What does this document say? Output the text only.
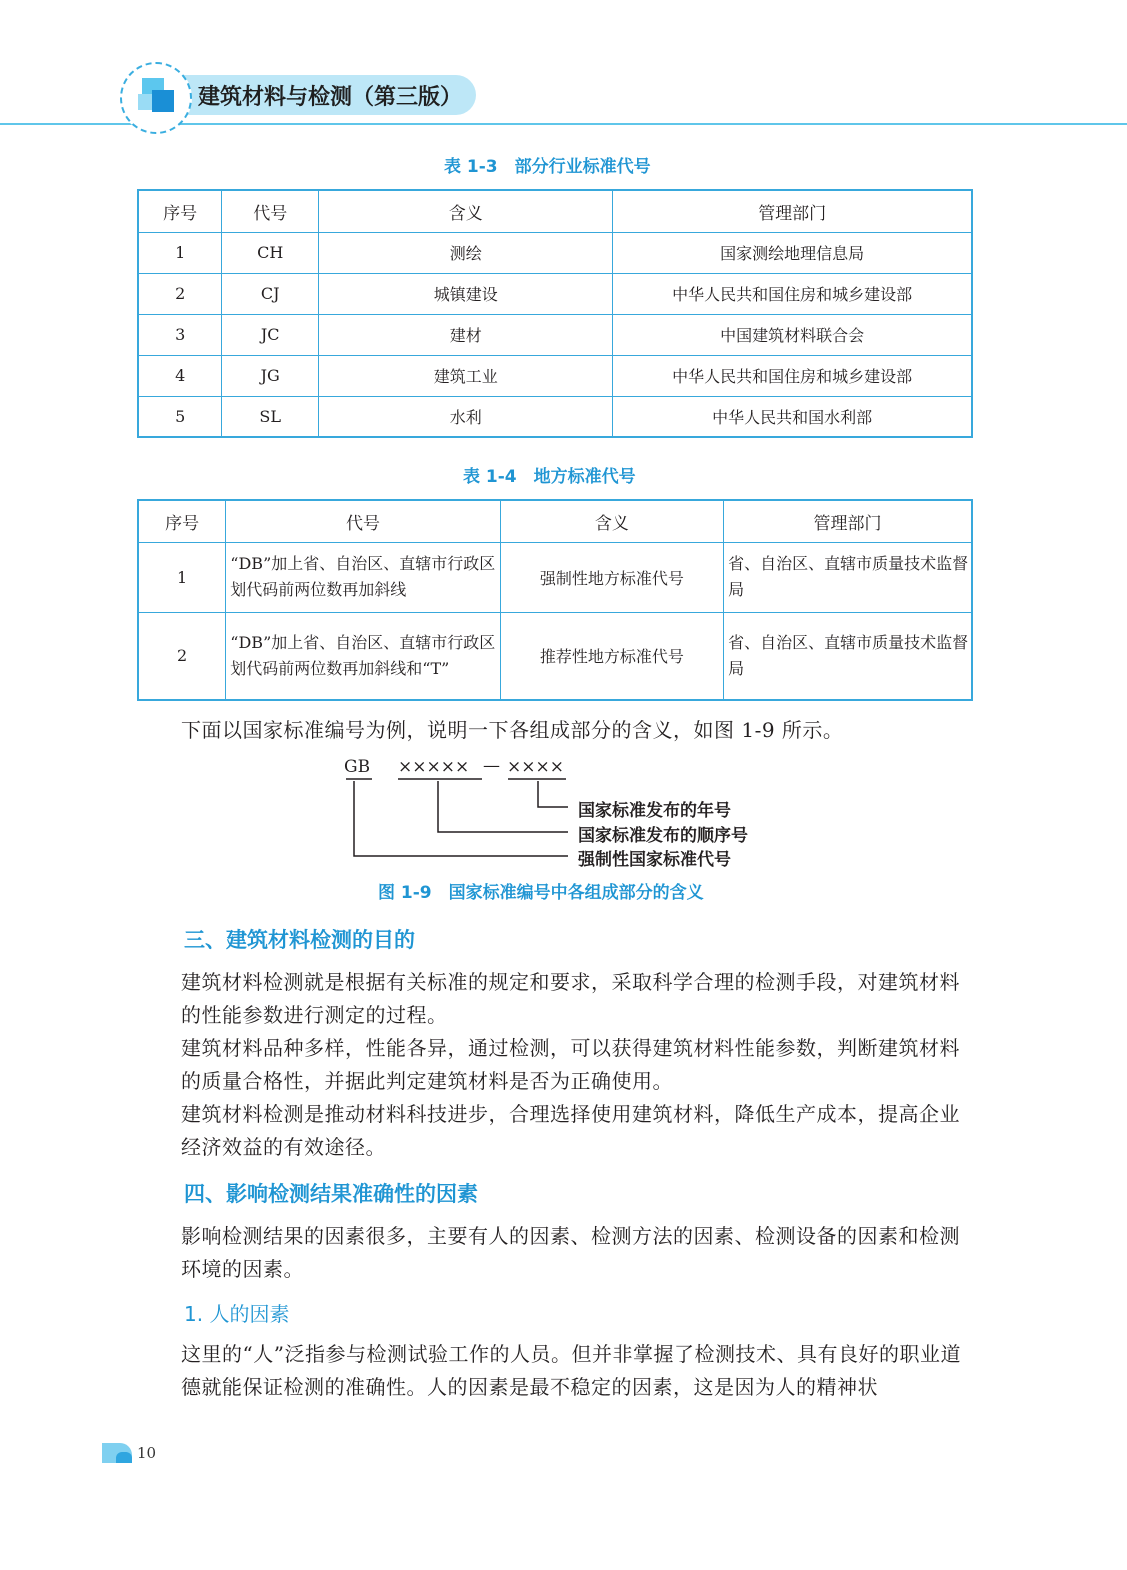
建筑材料与检测（第三版）
表 1-3　部分行业标准代号
序号	代号	含义	管理部门
1	CH	测绘	国家测绘地理信息局
2	CJ	城镇建设	中华人民共和国住房和城乡建设部
3	JC	建材	中国建筑材料联合会
4	JG	建筑工业	中华人民共和国住房和城乡建设部
5	SL	水利	中华人民共和国水利部
表 1-4　地方标准代号
序号	代号	含义	管理部门
1	“DB”加上省、自治区、直辖市行政区划代码前两位数再加斜线	强制性地方标准代号	省、自治区、直辖市质量技术监督局
2	“DB”加上省、自治区、直辖市行政区划代码前两位数再加斜线和“T”	推荐性地方标准代号	省、自治区、直辖市质量技术监督局
下面以国家标准编号为例，说明一下各组成部分的含义，如图 1-9 所示。
GB ××××× — ××××
国家标准发布的年号
国家标准发布的顺序号
强制性国家标准代号
图 1-9　国家标准编号中各组成部分的含义
三、建筑材料检测的目的
建筑材料检测就是根据有关标准的规定和要求，采取科学合理的检测手段，对建筑材料的性能参数进行测定的过程。
建筑材料品种多样，性能各异，通过检测，可以获得建筑材料性能参数，判断建筑材料的质量合格性，并据此判定建筑材料是否为正确使用。
建筑材料检测是推动材料科技进步，合理选择使用建筑材料，降低生产成本，提高企业经济效益的有效途径。
四、影响检测结果准确性的因素
影响检测结果的因素很多，主要有人的因素、检测方法的因素、检测设备的因素和检测环境的因素。
1. 人的因素
这里的“人”泛指参与检测试验工作的人员。但并非掌握了检测技术、具有良好的职业道德就能保证检测的准确性。人的因素是最不稳定的因素，这是因为人的精神状
10
